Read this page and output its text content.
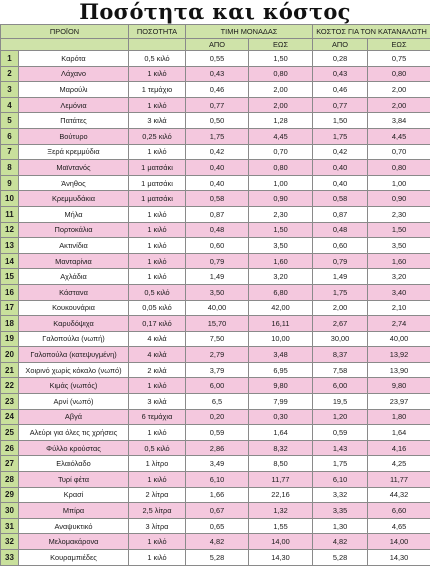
Ποσότητα και κόστος
ΠΡΟΪΟΝ		ΠΟΣΟΤΗΤΑ	ΤΙΜΗ ΜΟΝΑΔΑΣ		ΚΟΣΤΟΣ ΓΙΑ ΤΟΝ ΚΑΤΑΝΑΛΩΤΗ	
			ΑΠΟ	ΕΩΣ	ΑΠΟ	ΕΩΣ
1	Καρότα	0,5 κιλό	0,55	1,50	0,28	0,75
2	Λάχανο	1 κιλό	0,43	0,80	0,43	0,80
3	Μαρούλι	1 τεμάχιο	0,46	2,00	0,46	2,00
4	Λεμόνια	1 κιλό	0,77	2,00	0,77	2,00
5	Πατάτες	3 κιλά	0,50	1,28	1,50	3,84
6	Βούτυρο	0,25 κιλό	1,75	4,45	1,75	4,45
7	Ξερά κρεμμύδια	1 κιλό	0,42	0,70	0,42	0,70
8	Μαϊντανός	1 ματσάκι	0,40	0,80	0,40	0,80
9	Άνηθος	1 ματσάκι	0,40	1,00	0,40	1,00
10	Κρεμμυδάκια	1 ματσάκι	0,58	0,90	0,58	0,90
11	Μήλα	1 κιλό	0,87	2,30	0,87	2,30
12	Πορτοκάλια	1 κιλό	0,48	1,50	0,48	1,50
13	Ακτινίδια	1 κιλό	0,60	3,50	0,60	3,50
14	Μανταρίνια	1 κιλό	0,79	1,60	0,79	1,60
15	Αχλάδια	1 κιλό	1,49	3,20	1,49	3,20
16	Κάστανα	0,5 κιλό	3,50	6,80	1,75	3,40
17	Κουκουνάρια	0,05 κιλό	40,00	42,00	2,00	2,10
18	Καρυδόψιχα	0,17 κιλό	15,70	16,11	2,67	2,74
19	Γαλοπούλα (νωπή)	4 κιλά	7,50	10,00	30,00	40,00
20	Γαλοπούλα (κατεψυγμένη)	4 κιλά	2,79	3,48	8,37	13,92
21	Χοιρινό χωρίς κόκαλο (νωπό)	2 κιλά	3,79	6,95	7,58	13,90
22	Κιμάς (νωπός)	1 κιλό	6,00	9,80	6,00	9,80
23	Αρνί (νωπό)	3 κιλά	6,5	7,99	19,5	23,97
24	Αβγά	6 τεμάχια	0,20	0,30	1,20	1,80
25	Αλεύρι για όλες τις χρήσεις	1 κιλό	0,59	1,64	0,59	1,64
26	Φύλλο κρούστας	0,5 κιλό	2,86	8,32	1,43	4,16
27	Ελαιόλαδο	1 λίτρο	3,49	8,50	1,75	4,25
28	Τυρί φέτα	1 κιλό	6,10	11,77	6,10	11,77
29	Κρασί	2 λίτρα	1,66	22,16	3,32	44,32
30	Μπίρα	2,5 λίτρα	0,67	1,32	3,35	6,60
31	Αναψυκτικό	3 λίτρα	0,65	1,55	1,30	4,65
32	Μελομακάρονα	1 κιλό	4,82	14,00	4,82	14,00
33	Κουραμπιέδες	1 κιλό	5,28	14,30	5,28	14,30
